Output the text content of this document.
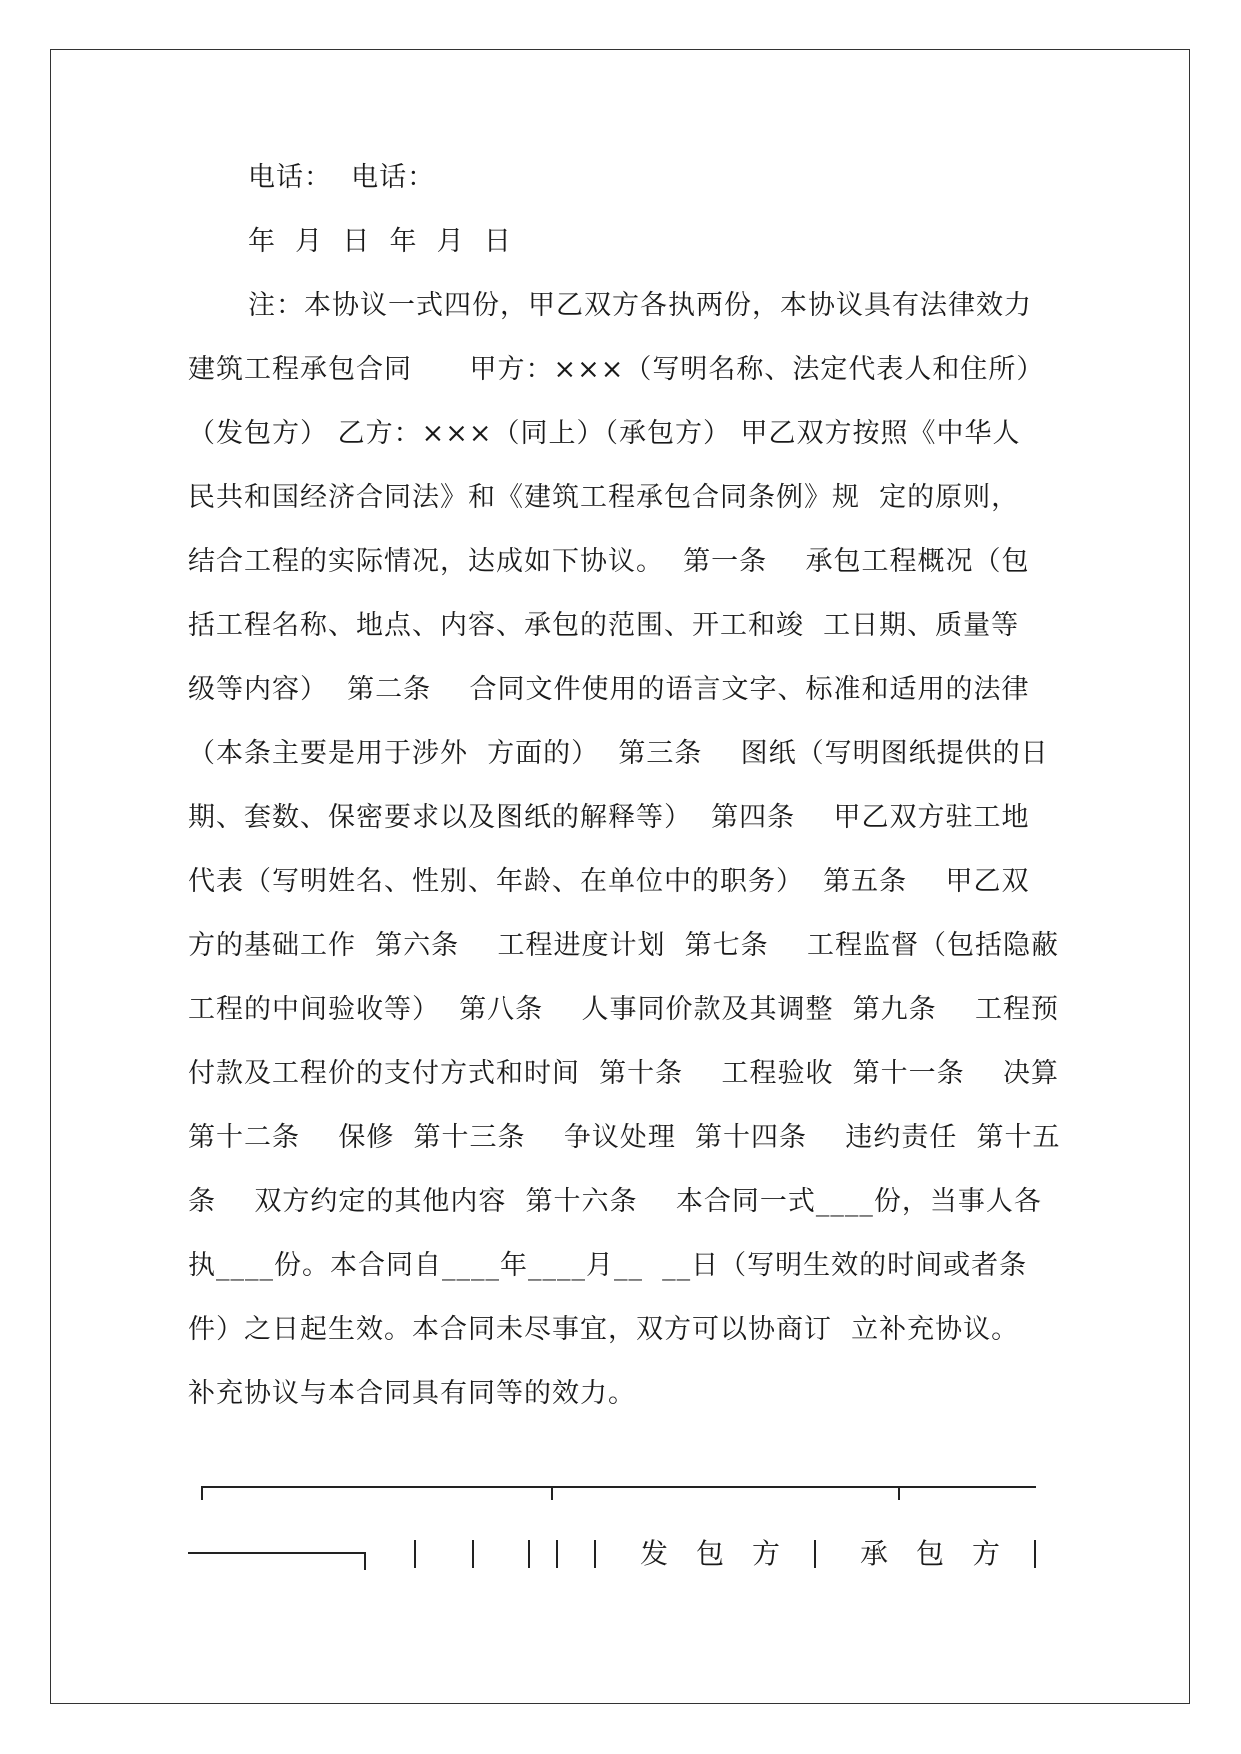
电话：  电话：
年  月  日  年  月  日
注：本协议一式四份，甲乙双方各执两份，本协议具有法律效力
建筑工程承包合同      甲方：×××（写明名称、法定代表人和住所）
（发包方） 乙方：×××（同上）（承包方） 甲乙双方按照《中华人
民共和国经济合同法》和《建筑工程承包合同条例》规  定的原则，
结合工程的实际情况，达成如下协议。  第一条    承包工程概况（包
括工程名称、地点、内容、承包的范围、开工和竣  工日期、质量等
级等内容）  第二条    合同文件使用的语言文字、标准和适用的法律
（本条主要是用于涉外  方面的）  第三条    图纸（写明图纸提供的日
期、套数、保密要求以及图纸的解释等）  第四条    甲乙双方驻工地
代表（写明姓名、性别、年龄、在单位中的职务）  第五条    甲乙双
方的基础工作  第六条    工程进度计划  第七条    工程监督（包括隐蔽
工程的中间验收等）  第八条    人事同价款及其调整  第九条    工程预
付款及工程价的支付方式和时间  第十条    工程验收  第十一条    决算
第十二条    保修  第十三条    争议处理  第十四条    违约责任  第十五
条    双方约定的其他内容  第十六条    本合同一式____份，当事人各
执____份。本合同自____年____月__  __日（写明生效的时间或者条
件）之日起生效。本合同未尽事宜，双方可以协商订  立补充协议。
补充协议与本合同具有同等的效力。
发包方 承包方
